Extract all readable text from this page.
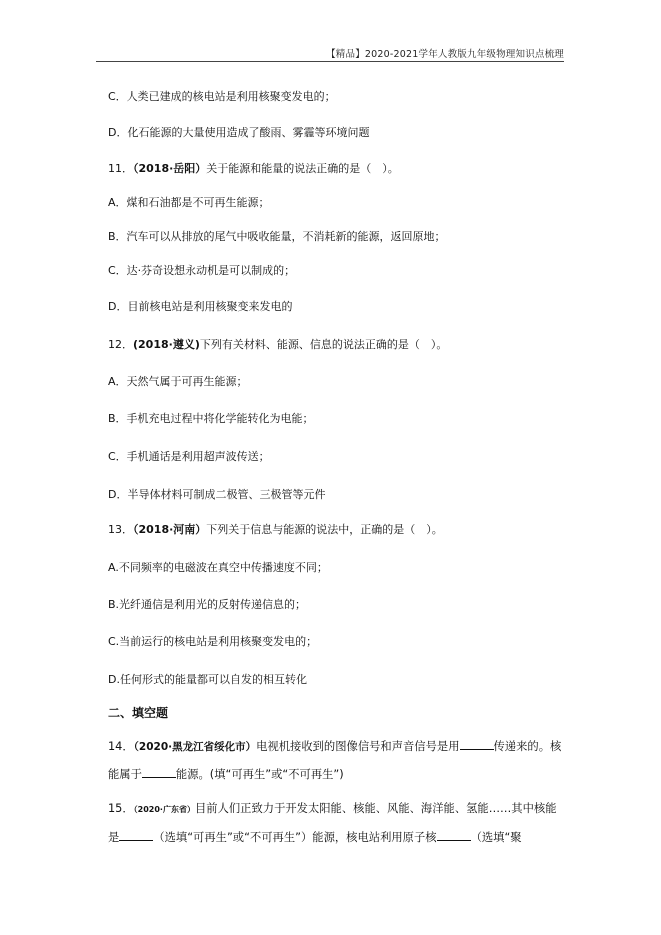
【精品】2020-2021学年人教版九年级物理知识点梳理
C．人类已建成的核电站是利用核聚变发电的；
D．化石能源的大量使用造成了酸雨、雾霾等环境问题
11．（2018·岳阳）关于能源和能量的说法正确的是（　）。
A．煤和石油都是不可再生能源；
B．汽车可以从排放的尾气中吸收能量，不消耗新的能源，返回原地；
C．达·芬奇设想永动机是可以制成的；
D．目前核电站是利用核聚变来发电的
12．(2018·遵义)下列有关材料、能源、信息的说法正确的是（　）。
A．天然气属于可再生能源；
B．手机充电过程中将化学能转化为电能；
C．手机通话是利用超声波传送；
D．半导体材料可制成二极管、三极管等元件
13．（2018·河南）下列关于信息与能源的说法中，正确的是（　）。
A.不同频率的电磁波在真空中传播速度不同；
B.光纤通信是利用光的反射传递信息的；
C.当前运行的核电站是利用核聚变发电的；
D.任何形式的能量都可以自发的相互转化
二、填空题
14．（2020·黑龙江省绥化市）电视机接收到的图像信号和声音信号是用	传递来的。核能属于	能源。(填“可再生”或“不可再生”)
15．（2020·广东省）目前人们正致力于开发太阳能、核能、风能、海洋能、氢能……其中核能是	（选填“可再生”或“不可再生”）能源，核电站利用原子核	（选填“聚
